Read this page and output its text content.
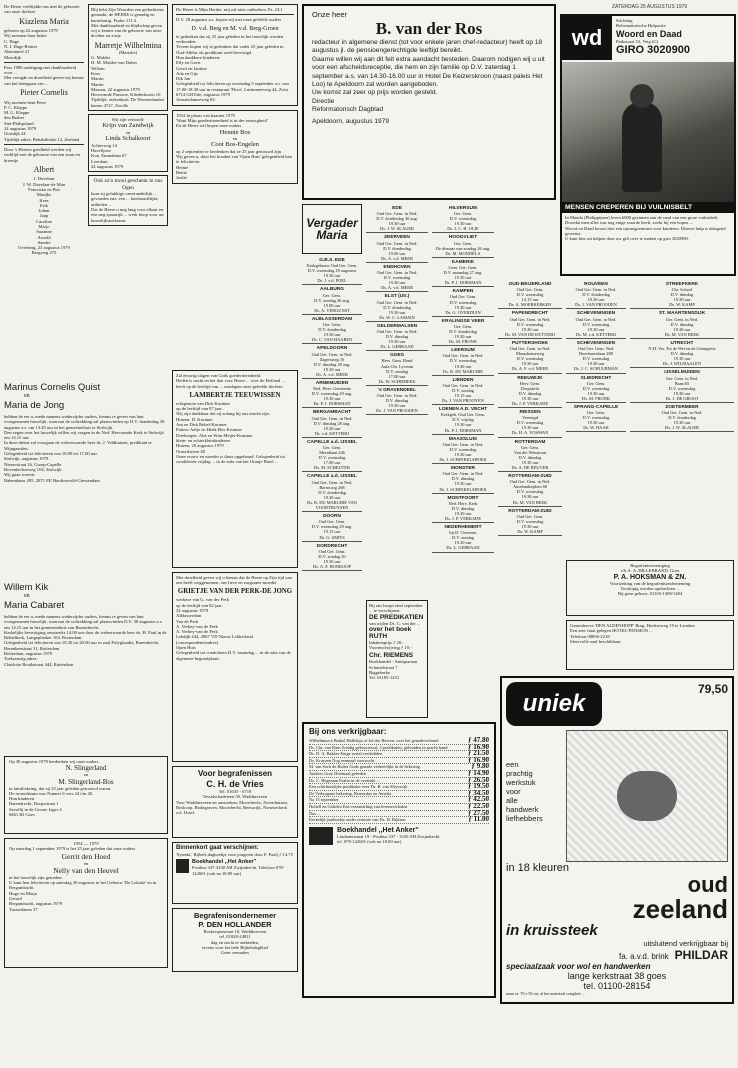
ZATERDAG 25 AUGUSTUS 1979
De Heere verblijdde ons met de geboorte van onze dochter
Kiazlena Maria
geboren op 22 augustus 1979
Wij noemen haar Inske
C. Hage
N. I. Hage-Reitter
Abesinteel 21
Moerdijk
Pass 1980 onderging met dankbaarheid voor ...
Met vreugde en droefheid geven wij kennis van het heengaan van ...
Pieter Cornelis
Wij noemen hem Peter
P. C. Kleppe
M. G. Kleppe
den Braber
Sint-Philipsland
24 augustus 1979
Oostdijk 24
Tijdelijk adres: Rehabilitatie 12, Zeeland
Door 's Heeren goedheid werden wij verblijd met de geboorte van een zoon en broertje
Albert
J. Davelaar
J. W. Davelaar-de Man
Franciska en Piet
Marijke
Kees
Erik
Johan
Jaap
Caroline
Marjo
Suzanne
Arnold
Sander
Overberg, 23 augustus 1979
Bergweg 275
Blij hebt Zijn Woorden een gedachtenis gemaakt, de HEERE is genadig en barmhartig. Psalm 111:4
Met dankbaarheid en blijdschap geven wij u kennis van de geboorte van onze dochter en zusje
Marretje Wilhelmina
(Marieke)
G. Mulder
H. M. Mulder-van Dalen
Willem
Kees
Martin
Martin
Maasen, 22 augustus 1979
Hervormde Pastorie, Kliederkosen 16
Tijdelijk: ziekenhuis 'De Weezenlanden' kamer 4727, Zwolle
Wij zijn verloofd:
Krijn van Zandwijk
en
Linda Schalkoort
Achterweg 14
Havelijnse
Kon. Emmalaan 67
Loerdam
24 augustus 1979
Ook zo'n mooi geschenk in ons Ogen
kunt zij gelukkige onveranderlijk ... gevonden enz. een ... huishoudelijke artikelen ...
Dat de Heere u nog lang voor elkaar en een nog spaarrijk ... werk hoop voor uw huwelijkstoekomst
De Heere is Mijn Herder, mij zal niets ontbreken. Ps. 23:1
D.V. 28 augustus a.s. hopen wij met onze geliefde ouders
D. v.d. Berg en M. v.d. Berg-Groen
te gedenken dat zij 25 jaar geleden in het huwelijk werden verbonden.
Tevens hopen wij te gedenken dat vader 25 jaar geleden in Oud-Alblas als predikant werd bevestigd
Hun dankbare kinderen:
Elly en Geert
Gerrit en Jantine
Ada en Gijs
Dik Jan
Gelegenheid tot feliciteren op woensdag 5 september a.s. van 17.00-18.30 uur in restaurant 'Flora', Luttermeeweg 44, Zeist.
6714 GH Ede, augustus 1979
Amsterdamseweg 84
1954 In plaats van kaarten 1979
'Want Mijn goedertierenheid is in der eeuwigheid'
En de Heere wil hopen onze ouders
Hennie Bos
en
Coot Bos-Engelen
op 2 september te herdenken dat ze 25 jaar getrouwd zijn.
Wij geven u, door het houden van 'Open Huis' gelegenheid hen te feliciteren.
Heinie
Bettie
Joulie
Marinus Cornelis Quist
en
Maria de Jong
hebben de eer u, mede namens wederzijdse ouders, kennis te geven van hun voorgenomen huwelijk, waarvan de voltrekking zal plaatsvinden op D.V. donderdag 30 augustus a.s. om 13.45 uur in het gemeentehuis te Stolwijk.
Den zegen over het huwelijk willen wij vragen in de Ned. Hervormde Kerk te Stolwijk om 14.15 uur.
In deze dienst zal voorgaan de weleerwaarde heer ds. J. Veldhuizen, predikant te Wijngaarden.
Gelegenheid tot feliciteren van 18.00 tot 17.00 uur.
Stolwijk, augustus 1979
Nieuwstraat 16, Groep-Capelle
Bovenkerkseweg 104, Stolwijk
Wij gaan wonen:
Babendams 295, 2871 EE Hardinxveld-Giessendam
Willem Kik
en
Maria Cabaret
hebben de eer u, mede namens wederzijdse ouders, kennis te geven van hun voorgenomen huwelijk, waarvan de voltrekking zal plaatsvinden D.V. 30 augustus a.s. om 14.15 uur in het gemeentehuis van Barendrecht.
Kerkelijke bevestiging omstreeks 14.00 uur door de weleerwaarde heer ds. H. Paul in de Bethelkerk, Langeplanker 104, Rotterdam.
Gelegenheid tot feliciteren van 18.30 tot 20.00 uur in zaal Polyglandia, Barendrecht.
Herenkenstraat 31, Rotterdam
Rotterdam, augustus 1979
Toekomstig adres:
Charlotte Boothstraat 444, Rotterdam
Op 30 augustus 1979 herdenken wij onze ouders
N. Slingerland
en
M. Slingerland-Bos
in familiekring, dat zij 25 jaar geleden getrouwd waren.
De trouwdatum was Numeri 6 vers 24 t/m 26.
Hun kinderen
Barendrecht, Dorpsstraat 1
Savollij in de Groote Jager 4
6461 BJ Goes
1954 — 1979
Op zaterdag 1 september 1979 is het 25 jaar geleden dat onze ouders
Gerrit den Hoed
en
Nelly van den Heuvel
in het huwelijk zijn getreden.
U kunt hen feliciteren op zaterdag 30 augustus in het Gebouw 'De Lokatie' en in Bergambacht.
Hugo en Marja
Gerard
Bergambacht, augustus 1979
Tussenlanen 37
Zal eeuwig slagen van Gods goedertierenheid.
Heden is nacht en het dan voor Heere ... over de Holland ... heeft op de leeftijd van ... ontslapen onze geliefde dochter
LAMBERTJE TEEUWISSEN
echtgenote van Dirk Kruimer
op de leeftijd van 87 jaar.
Wij zijn dankbaar dat zij zolang bij ons mocht zijn.
Huizen: D. Kruimer
Ant en Dirk Rebel-Kruimer
Putten: Aafje en Henk Bos-Kruimer
Driebergen: Alie en Wim Meijer-Kruimer
klein- en achterkleinkinderen
Huizen, 20 augustus 1979
Oosterhaven 48
Onze vrouw en moeder is thuis opgebaard. Gelegenheid tot condoleren vrijdag ... in de aula van het Oranje Hotel ...
Met droefheid geven wij u kennis dat de Heere op Zijn tijd van ons heeft weggenomen, ons lieve en zorgzame moeder
GRIETJE VAN DER PERK-DE JONG
weduwe van G. van der Perk
op de leeftijd van 82 jaar.
24 augustus 1979
Alblasserdam
Van de Perk
A. Verhey-van de Perk
A. Verhey-van de Perk
Lekdijk 444, 2867 VD Nieuw Lekkerland (correspondentieadres)
Open Huis
Gelegenheid tot condoleren D.V. maandag ... in de aula van de algemene begraafplaats
Voor begrafenissen
C. H. de Vries
Tel. 01635 - 6719
Tesselschadeteen 50, Waddinxveen
Voor Waddinxveen en omstreken, Moordrecht, Zevenhuizen, Boskoop, Bodegraven, Moordrecht, Reeuwijk, Nieuwerkerk a.d. IJssel.
Binnenkort gaat verschijnen:
'Syneda', Bijbels dagboekje voor jongeren door F. Paulj ƒ 14.75
Boekhandel ,,Het Anker''
Postbus 337-3330 AH Zwijndrecht. Telefoon 078-122601 (ook na 18.00 uur)
Begrafenisondernemer
P. DEN HOLLANDER
Boskooperstraat 10, Waddinxveen
tel. 01828-24811
dag en nacht te ontbieden,
tevens voor het hele Bijbelsdagblad
Geen crematies
Onze heer
B. van der Ros
redacteur in algemene dienst (tot voor enkele jaren chef-redacteur) heeft op 18 augustus jl. de pensioengerechtigde leeftijd bereikt.
Gaarne willen wij aan dit feit extra aandacht besteden. Daarom nodigen wij u uit voor een afscheidsreceptie, die hem en zijn familie op D.V. zaterdag 1 september a.s. van 14.30-16.00 uur in Hotel De Keizerskroon (naast paleis Het Loo) te Apeldoorn zal worden aangeboden.
Uw komst zal zeer op prijs worden gesteld.
Directie
Reformatorisch Dagblad
Apeldoorn, augustus 1979
wd
Stichting
Reformatorische Hulpactie
Woord en Daad
Parkstraat 52, Veip (G)
GIRO 3020900
MENSEN CREPEREN BIJ VUILNISBELT
In Manila (Philippijnen) leven 6000 gezinnen aan de rand van een grote vuilnisbelt. Doordat men alles wat nog enige waarde heeft, zoekt bij een hopen ...
Woord en Daad bouwt hier een opvangcentrum voor kinderen. Directe hulp is dringend gewenst.
U kunt hier uit helpen door uw gift over te maken op giro 3020900.
Vergader Maria
G.B.S. EDE
Kerkgebouw Oud Ger. Gem.
D.V. woensdag 29 augustus
19.30 uur
Ds. J. v.d. POEL
AALBURG
Ger. Gem.
D.V. zondag 26 aug.
19.00 uur
Ds. A. VERGUNST
ALBLASSERDAM
Ger. Gem.
D.V. donderdag
19.30 uur
Ds. C. VAN HAAREN
APELDOORN
Oud Ger. Gem. in Ned.
Zagerssteg 16
D.V. dinsdag 28 aug.
19.30 uur
Ds. A. v.d. MEER
ARNEMUIDEN
Ned. Herv. Gemeente
D.V. woensdag 29 aug.
19.30 uur
Ds. P. J. DORSMAN
BERGAMBACHT
Oud Ger. Gem. in Ned.
D.V. dinsdag 28 aug.
19.30 uur
Ds. v.d. KETTERIJ
CAPELLE a.d. IJSSEL
Ger. Gem.
Meridiaan 246
D.V. woensdag
17.00 uur
Ds. M. SCHEUTER
CAPELLE a.d. IJSSEL
Oud Ger. Gem. in Ned.
Barrouwg 268
D.V. donderdag
19.30 uur
Ds. R. DU MARCHIE VAN VOORTHUYSEN
DOORN
Oud Ger. Gem.
D.V. woensdag 29 aug.
19.15 uur
Ds. G. SMITS
DORDRECHT
Oud Ger. Gem.
D.V. zondag 26
19.30 uur
Ds. A. F. HONKOOP
EDE
Oud Ger. Gem. in Ned.
D.V. donderdag 30 aug.
19.30 uur
Ds. J. W. SLAGER
ZEERVEEN
Oud Ger. Gem. in Ned.
D.V. donderdag
19.00 uur
Ds. A. v.d. MEER
ENDHOVEN
Oud Ger. Gem. in Ned.
D.V. woensdag
19.30 uur
Ds. A. v.d. MEER
ELST (Utr.)
Oud Ger. Gem. in Ned.
D.V. donderdag
19.30 uur
Ds. W. C. LAMAIN
GELDERMALSEN
Oud Ger. Gem. in Ned.
D.V. dinsdag
19.30 uur
Ds. L. GEBRAAD
GOES
Herv. Gem. Bond
Aula Chr. Lyceum
D.V. zondag
17.00 uur
Ds. W. SCHIEBEEK
's GRAVENDEEL
Oud Ger. Gem. in Ned.
D.V. dinsdag
19.30 uur
Ds. J. VAN PROOIJEN
HILVERSUM
Ger. Gem.
D.V. woensdag
19.30 uur
Ds. J. C. H. OLIE
HOOGVLIET
Ger. Gem.
De dienaar van zondag 26 aug.
Ds. M. MONDÉLA
KAMERIK
Gem. Ger. Gem.
D.V. maandag 27 aug.
19.30 uur
Ds. P. J. DORSMAN
KAMPEN
Oud Ger. Gem.
D.V. woensdag
19.30 uur
Ds. G. OVERDUIN
KRALINGSE VEER
Ger. Gem.
D.V. donderdag
19.30 uur
Ds. M. FRONK
LEERSUM
Oud Ger. Gem. in Ned.
D.V. woensdag
19.30 uur
Ds. R. DU MARCHIE
LIENDEN
Oud Ger. Gem. in Ned.
D.V. zondag
19.15 uur
Ds. J. VAN PROOYEN
LOENEN A.D. VECHT
Kerkgeb. Oud Ger. Gem.
D.V. vrijdag
19.30 uur
Ds. P. J. DORSMAN
MAASSLUIS
Oud Ger. Gem. in Ned.
D.V. woensdag
19.30 uur
Ds. J. SCHINKELSHOEK
MONSTER
Oud Ger. Gem. in Ned.
D.V. dinsdag
19.30 uur
Ds. J. SCHINKELSHOEK
MONTFOORT
Ned. Herv. Kerk
D.V. dinsdag
19.30 uur
Ds. J. P. VERKADE
NEDERHEMERT
bij D. Overeem
D.V. zondag
19.30 uur
Ds. L. GEBRAAD
OUD-BEIJERLAND
Oud Ger. Gem.
D.V. woensdag
14.15 uur
Ds. A. MOERKERKEN
PAPENDRECHT
Oud Ger. Gem. in Ned.
D.V. woensdag
19.30 uur
Ds. M. VAN DE KETTERIJ
PUTTERSHOEK
Oud Ger. Gem. in Ned.
Maasdamseweg
D.V. woensdag
19.30 uur
Ds. A. F. v.d. MEER
REEUWIJK
Herv. Gem.
Dorpskerk
D.V. dinsdag
19.30 uur
Ds. J. P. VERKADE
RIESSEN
Verenigd
D.V. woensdag
19.30 uur
Ds. H. A. VOSMAN
ROTTERDAM
Ger. Gem.
Van der Wenstraat
D.V. dinsdag
19.30 uur
Ds. A. DE REUVER
ROTTERDAM-ZUID
Oud Ger. Gem. in Ned.
Amelandseplein 68
D.V. woensdag
19.30 uur
Ds. M. VAN BEEK
ROTTERDAM-ZUID
Oud Ger. Gem.
D.V. woensdag
19.30 uur
Ds. W. KAMP
ROUVEEN
Oud Ger. Gem. in Ned.
D.V. donderdag
19.30 uur
Ds. J. VAN PROOIJEN
SCHEVENINGEN
Oud Ger. Gem. in Ned.
D.V. woensdag
19.30 uur
Ds. M. v.d. KETTERIJ
SCHEVENINGEN
Oud Ger. Gem. Ned.
Boerhaavelaan 288
D.V. woensdag
19.30 uur
Ds. J. C. SCHUURMAN
SLIEDRECHT
Ger. Gem.
D.V. woensdag
19.30 uur
Ds. M. FRONK
SPRANG-CAPELLE
Ger. Gem.
D.V. woensdag
19.30 uur
Ds. W. HAAK
STREEFKERK
Chr. School
D.V. dinsdag
19.30 uur
Ds. W. KAMP
ST. MAARTENSDIJK
Ger. Gem. in Ned.
D.V. dinsdag
19.30 uur
Ds. M. VAN BEEK
UTRECHT
N.H. Ver. Tot de Wet en de Getuigenis
D.V. dinsdag
19.30 uur
Ds. J. WILMAALEN
IJSSELMUIDEN
Ger. Gem. in Ned.
Baan 65
D.V. woensdag
19.30 uur
Ds. J. DE GROOT
ZOETERMEER
Oud Ger. Gem. in Ned.
D.V. donderdag
19.30 uur
Ds. J. W. SLAGER
Bij ons hoopt eind september ... te verschijnen:
DE PREDIKATIEN
van wijlen Ds. C. van der ...
over het boek RUTH
Inbakenprijs ƒ 20,-
Voorinschrijving ƒ 19,-
Chr. RIEMENS
Boekhandel - Antiquariaat
Schuttelstraat 7
Biggekerke
Tel. 01185-1431
Bij ons verkrijgbaar:
Wilhelmina à Brakel Halleluja of lof des Heeren, over het genadeverbond	ƒ 47.80
Ds. Chr. van Dam Zondig geboortewal, 3 predikaties, gebonden in pracht band	ƒ 16.90
Ds. D. A. Bakker Enige zestal verdediden	ƒ 21.50
Ds. Kruyzen Nog eenmaal voorzocht	ƒ 16.90
M. van Sach de Rulter Gods genade verheerlijkt in de bekering	ƒ 9.80
Andrew Gray Driemaal gebeden	ƒ 14.90
Ds. C. Hegeman Psalm in de verdrukt ...	ƒ 26.50
Een schriftuurlijke predikatie over Ds. B. van Sleyswijk	ƒ 19.50
De Verborgene bekering, Bernardus en Amelia	ƒ 34.50
Na 15 september	ƒ 42.50
Holtell en Gobelin Een verzameling van levensverhalen	ƒ 22.50
Das ...	ƒ 27.50
Kerkelijk jaarboekje onder redactie van Ds. H. Rijksen	ƒ 11.00
Boekhandel ,,Het Anker''
Lindauerstraat 19 - Postbus 337 - 3330 AH Zwijndrecht
tel. 078-122601 (ook na 18.00 uur)
Begrafenisvereniging
v/h A. A. HILLEBRAND, Goes
P. A. HOKSMAN & ZN.
Voortzetting van de begrafenisonderneming
Voorlopig worden opdrachten ...
Bij geen gehoor: 01103-1309/1484
Gastenhoeve 'DEN ALDENHOPP' Burg. Hoekseweg 19 te Lienden.
Een zeer fraai gelegen HOTEL-PENSION ...
Telefoon 08856-2218
Sfeervolle zaal beschikbaar.
uniek
79,50
een
prachtig
werkstuk
voor
alle
handwerk
liefhebbers
in 18 kleuren
oud
zeeland
in kruissteek
uitsluitend verkrijgbaar bij
fa. a.v.d. brink PHILDAR
speciaalzaak voor wol en handwerken
lange kerkstraat 38 goes
tel. 01100-28154
maat ca. 70 x 50 cm; al het materiaal compleet ...
